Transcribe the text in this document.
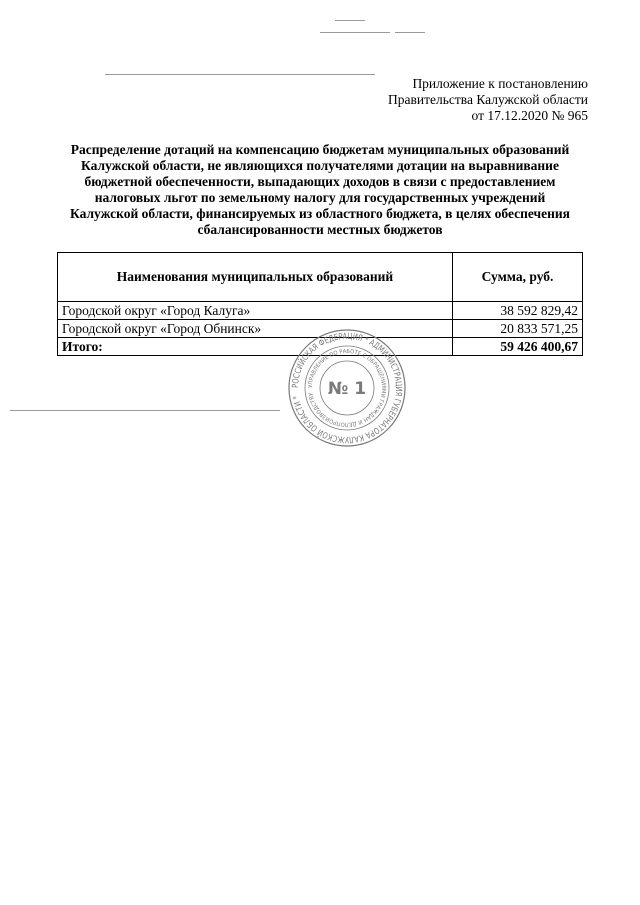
Приложение к постановлению
Правительства Калужской области
от 17.12.2020 № 965
Распределение дотаций на компенсацию бюджетам муниципальных образований
Калужской области, не являющихся получателями дотации на выравнивание
бюджетной обеспеченности, выпадающих доходов в связи с предоставлением
налоговых льгот по земельному налогу для государственных учреждений
Калужской области, финансируемых из областного бюджета, в целях обеспечения
сбалансированности местных бюджетов
Наименования муниципальных образований	Сумма, руб.
Городской округ «Город Калуга»	38 592 829,42
Городской округ «Город Обнинск»	20 833 571,25
Итого:	59 426 400,67
РОССИЙСКАЯ ФЕДЕРАЦИЯ * АДМИНИСТРАЦИЯ ГУБЕРНАТОРА КАЛУЖСКОЙ ОБЛАСТИ *
УПРАВЛЕНИЕ ПО РАБОТЕ С ОБРАЩЕНИЯМИ ГРАЖДАН И ДЕЛОПРОИЗВОДСТВУ № 1
